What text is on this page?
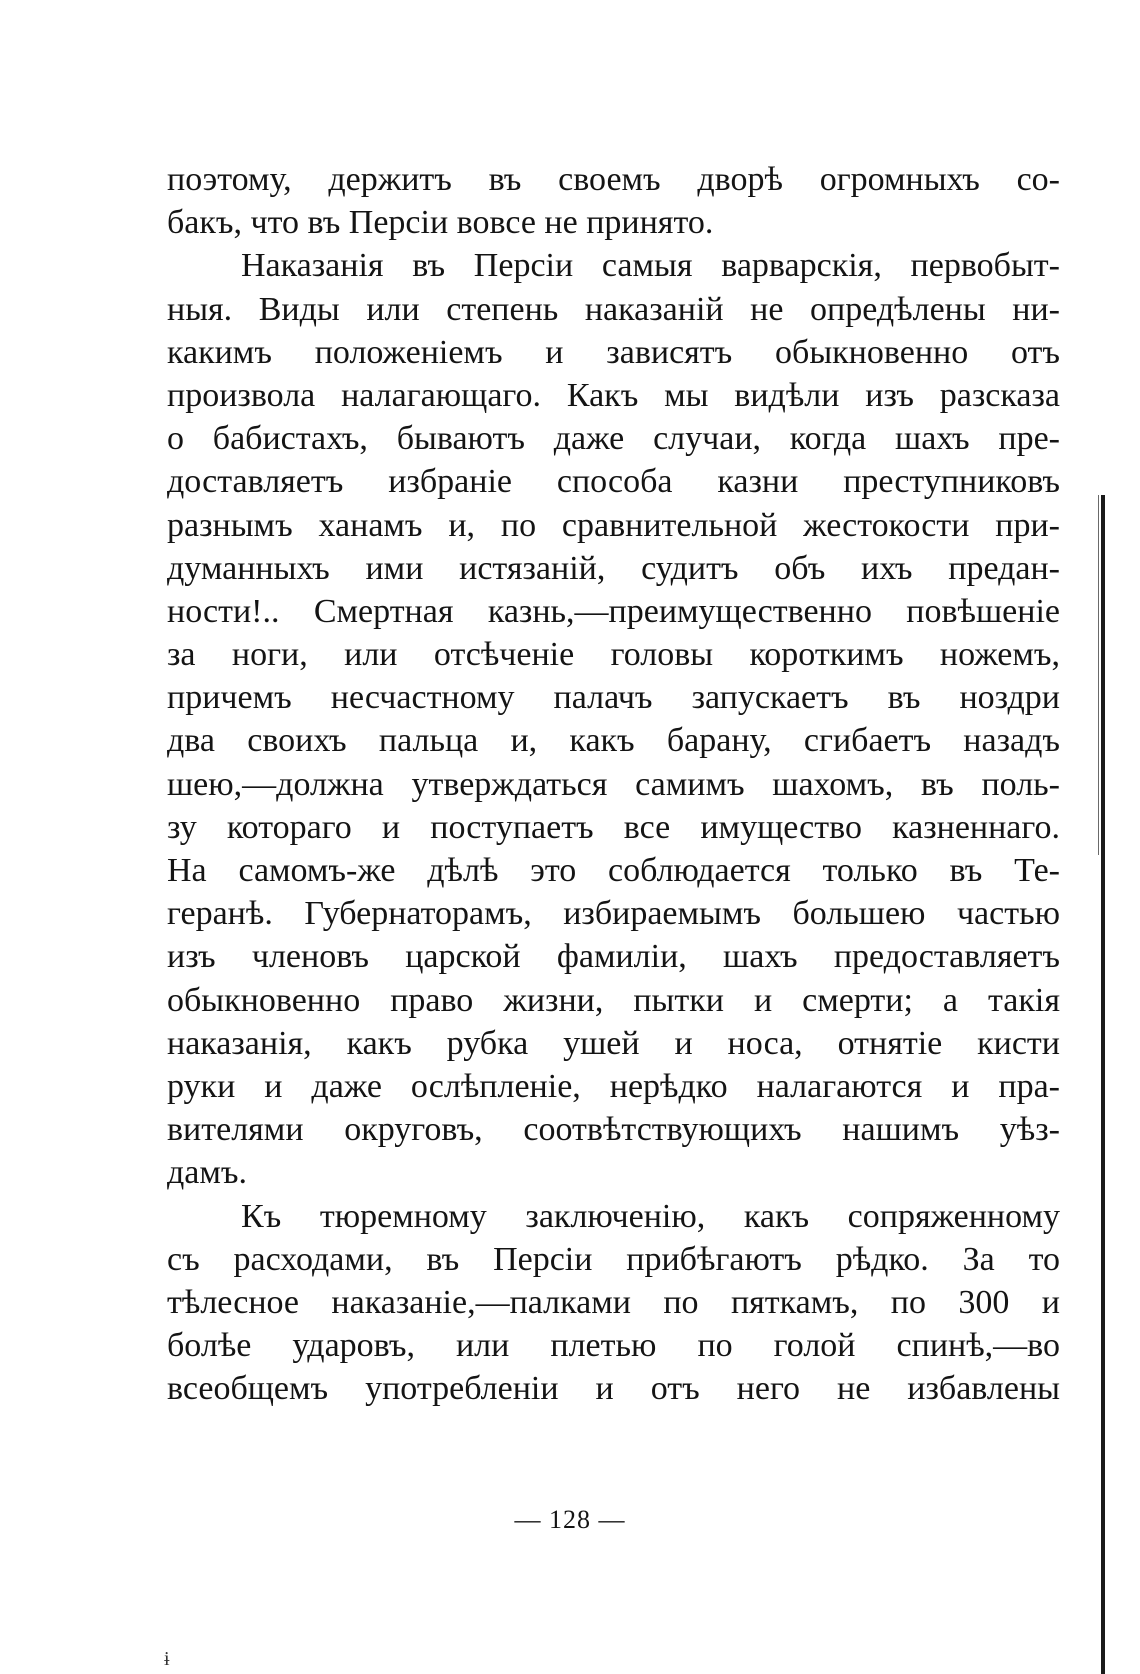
поэтому, держитъ въ своемъ дворѣ огромныхъ со-
бакъ, что въ Персіи вовсе не принято.
Наказанія въ Персіи самыя варварскія, первобыт-
ныя. Виды или степень наказаній не опредѣлены ни-
какимъ положеніемъ и зависятъ обыкновенно отъ
произвола налагающаго. Какъ мы видѣли изъ разсказа
о бабистахъ, бываютъ даже случаи, когда шахъ пре-
доставляетъ избраніе способа казни преступниковъ
разнымъ ханамъ и, по сравнительной жестокости при-
думанныхъ ими истязаній, судитъ объ ихъ предан-
ности!.. Смертная казнь,—преимущественно повѣшеніе
за ноги, или отсѣченіе головы короткимъ ножемъ,
причемъ несчастному палачъ запускаетъ въ ноздри
два своихъ пальца и, какъ барану, сгибаетъ назадъ
шею,—должна утверждаться самимъ шахомъ, въ поль-
зу котораго и поступаетъ все имущество казненнаго.
На самомъ-же дѣлѣ это соблюдается только въ Те-
геранѣ. Губернаторамъ, избираемымъ большею частью
изъ членовъ царской фамиліи, шахъ предоставляетъ
обыкновенно право жизни, пытки и смерти; а такія
наказанія, какъ рубка ушей и носа, отнятіе кисти
руки и даже ослѣпленіе, нерѣдко налагаются и пра-
вителями округовъ, соотвѣтствующихъ нашимъ уѣз-
дамъ.
Къ тюремному заключенію, какъ сопряженному
съ расходами, въ Персіи прибѣгаютъ рѣдко. За то
тѣлесное наказаніе,—палками по пяткамъ, по 300 и
болѣе ударовъ, или плетью по голой спинѣ,—во
всеобщемъ употребленіи и отъ него не избавлены
— 128 —
ɨ
